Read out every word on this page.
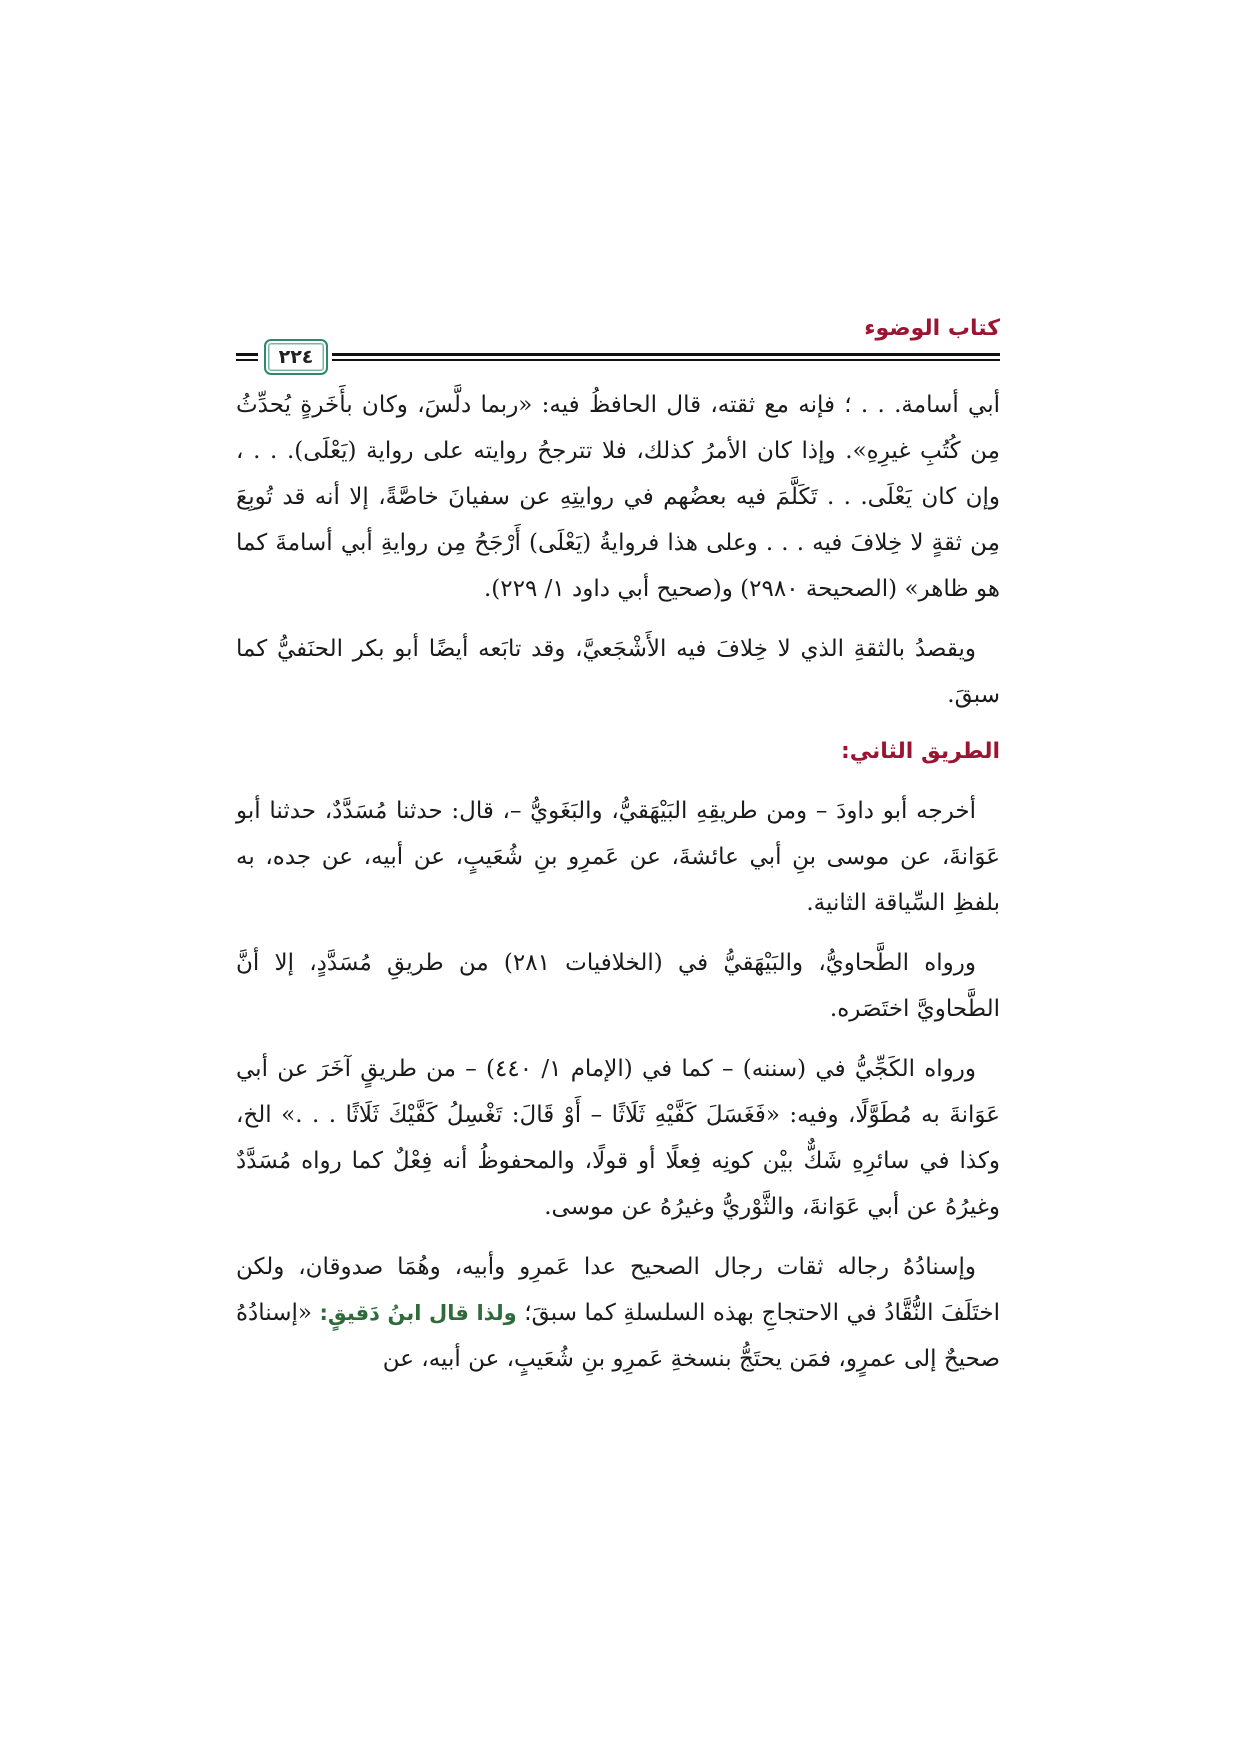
كتاب الوضوء
٢٢٤

أبي أسامة. . . ؛ فإنه مع ثقته، قال الحافظُ فيه: «ربما دلَّسَ، وكان بأَخَرةٍ يُحدِّثُ مِن كُتُبِ غيرِهِ». وإذا كان الأمرُ كذلك، فلا تترجحُ روايته على رواية (يَعْلَى). . . ، وإن كان يَعْلَى. . . تَكَلَّمَ فيه بعضُهم في روايتِهِ عن سفيانَ خاصَّةً، إلا أنه قد تُوبِعَ مِن ثقةٍ لا خِلافَ فيه . . . وعلى هذا فروايةُ (يَعْلَى) أَرْجَحُ مِن روايةِ أبي أسامةَ كما هو ظاهر» (الصحيحة ٢٩٨٠) و(صحيح أبي داود ١/ ٢٢٩).

ويقصدُ بالثقةِ الذي لا خِلافَ فيه الأَشْجَعيَّ، وقد تابَعه أيضًا أبو بكر الحنَفيُّ كما سبقَ.

الطريق الثاني:

أخرجه أبو داودَ – ومن طريقِهِ البَيْهَقيُّ، والبَغَويُّ –، قال: حدثنا مُسَدَّدٌ، حدثنا أبو عَوَانةَ، عن موسى بنِ أبي عائشةَ، عن عَمرِو بنِ شُعَيبٍ، عن أبيه، عن جده، به بلفظِ السِّياقة الثانية.

ورواه الطَّحاويُّ، والبَيْهَقيُّ في (الخلافيات ٢٨١) من طريقِ مُسَدَّدٍ، إلا أنَّ الطَّحاويَّ اختَصَره.

ورواه الكَجِّيُّ في (سننه) – كما في (الإمام ١/ ٤٤٠) – من طريقٍ آخَرَ عن أبي عَوَانةَ به مُطَوَّلًا، وفيه: «فَغَسَلَ كَفَّيْهِ ثَلَاثًا – أَوْ قَالَ: تَغْسِلُ كَفَّيْكَ ثَلَاثًا . . .» الخ، وكذا في سائرِهِ شَكٌّ بيْن كونِه فِعلًا أو قولًا، والمحفوظُ أنه فِعْلٌ كما رواه مُسَدَّدٌ وغيرُهُ عن أبي عَوَانةَ، والثَّوْريُّ وغيرُهُ عن موسى.

وإسنادُهُ رجاله ثقات رجال الصحيح عدا عَمرِو وأبيه، وهُمَا صدوقان، ولكن اختَلَفَ النُّقَّادُ في الاحتجاجِ بهذه السلسلةِ كما سبقَ؛ ولذا قال ابنُ دَقيقٍ: «إسنادُهُ صحيحٌ إلى عمرٍو، فمَن يحتَجُّ بنسخةِ عَمرِو بنِ شُعَيبٍ، عن أبيه، عن
